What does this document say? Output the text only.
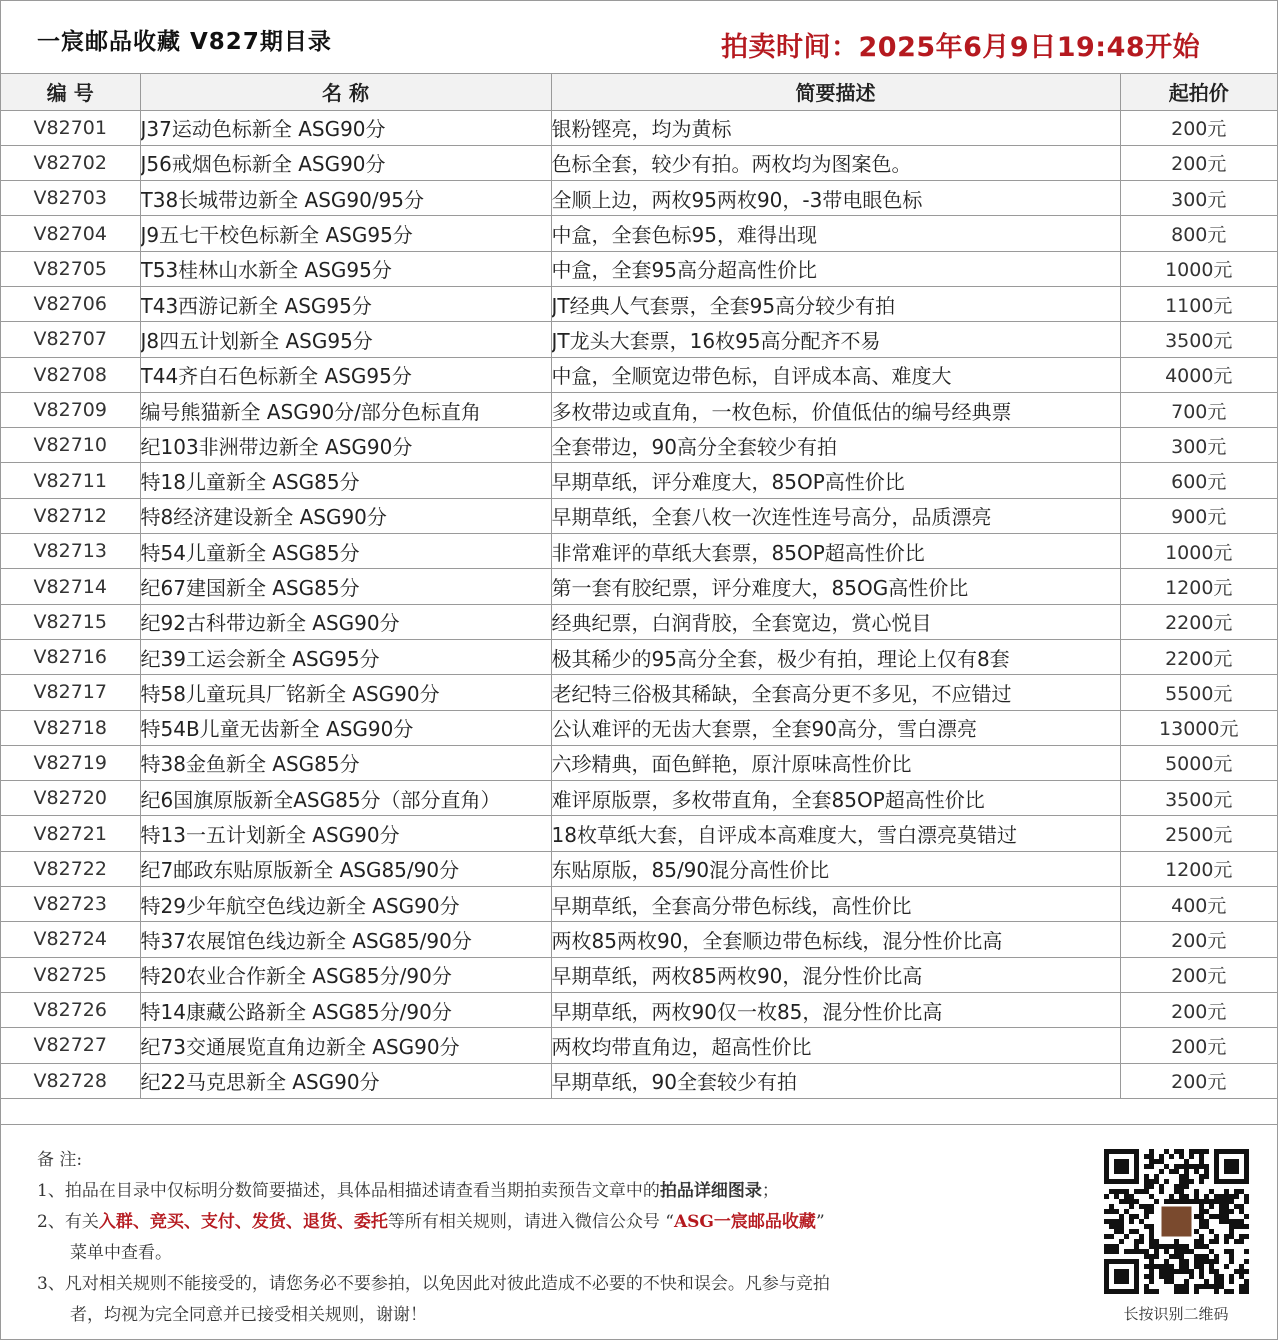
一宸邮品收藏 V827期目录	拍卖时间：2025年6月9日19:48开始
编 号	名 称	简要描述	起拍价
V82701	J37运动色标新全 ASG90分	银粉铿亮，均为黄标	200元
V82702	J56戒烟色标新全 ASG90分	色标全套，较少有拍。两枚均为图案色。	200元
V82703	T38长城带边新全 ASG90/95分	全顺上边，两枚95两枚90，-3带电眼色标	300元
V82704	J9五七干校色标新全 ASG95分	中盒，全套色标95，难得出现	800元
V82705	T53桂林山水新全 ASG95分	中盒，全套95高分超高性价比	1000元
V82706	T43西游记新全 ASG95分	JT经典人气套票，全套95高分较少有拍	1100元
V82707	J8四五计划新全 ASG95分	JT龙头大套票，16枚95高分配齐不易	3500元
V82708	T44齐白石色标新全 ASG95分	中盒，全顺宽边带色标，自评成本高、难度大	4000元
V82709	编号熊猫新全 ASG90分/部分色标直角	多枚带边或直角，一枚色标，价值低估的编号经典票	700元
V82710	纪103非洲带边新全 ASG90分	全套带边，90高分全套较少有拍	300元
V82711	特18儿童新全 ASG85分	早期草纸，评分难度大，85OP高性价比	600元
V82712	特8经济建设新全 ASG90分	早期草纸，全套八枚一次连性连号高分，品质漂亮	900元
V82713	特54儿童新全 ASG85分	非常难评的草纸大套票，85OP超高性价比	1000元
V82714	纪67建国新全 ASG85分	第一套有胶纪票，评分难度大，85OG高性价比	1200元
V82715	纪92古科带边新全 ASG90分	经典纪票，白润背胶，全套宽边，赏心悦目	2200元
V82716	纪39工运会新全 ASG95分	极其稀少的95高分全套，极少有拍，理论上仅有8套	2200元
V82717	特58儿童玩具厂铭新全 ASG90分	老纪特三俗极其稀缺，全套高分更不多见，不应错过	5500元
V82718	特54B儿童无齿新全 ASG90分	公认难评的无齿大套票，全套90高分，雪白漂亮	13000元
V82719	特38金鱼新全 ASG85分	六珍精典，面色鲜艳，原汁原味高性价比	5000元
V82720	纪6国旗原版新全ASG85分（部分直角）	难评原版票，多枚带直角，全套85OP超高性价比	3500元
V82721	特13一五计划新全 ASG90分	18枚草纸大套，自评成本高难度大，雪白漂亮莫错过	2500元
V82722	纪7邮政东贴原版新全 ASG85/90分	东贴原版，85/90混分高性价比	1200元
V82723	特29少年航空色线边新全 ASG90分	早期草纸，全套高分带色标线，高性价比	400元
V82724	特37农展馆色线边新全 ASG85/90分	两枚85两枚90，全套顺边带色标线，混分性价比高	200元
V82725	特20农业合作新全 ASG85分/90分	早期草纸，两枚85两枚90，混分性价比高	200元
V82726	特14康藏公路新全 ASG85分/90分	早期草纸，两枚90仅一枚85，混分性价比高	200元
V82727	纪73交通展览直角边新全 ASG90分	两枚均带直角边，超高性价比	200元
V82728	纪22马克思新全 ASG90分	早期草纸，90全套较少有拍	200元
备 注:
1、拍品在目录中仅标明分数简要描述，具体品相描述请查看当期拍卖预告文章中的拍品详细图录；
2、有关入群、竞买、支付、发货、退货、委托等所有相关规则，请进入微信公众号 “ASG一宸邮品收藏”
菜单中查看。
3、凡对相关规则不能接受的，请您务必不要参拍，以免因此对彼此造成不必要的不快和误会。凡参与竞拍
者，均视为完全同意并已接受相关规则，谢谢！	长按识别二维码
